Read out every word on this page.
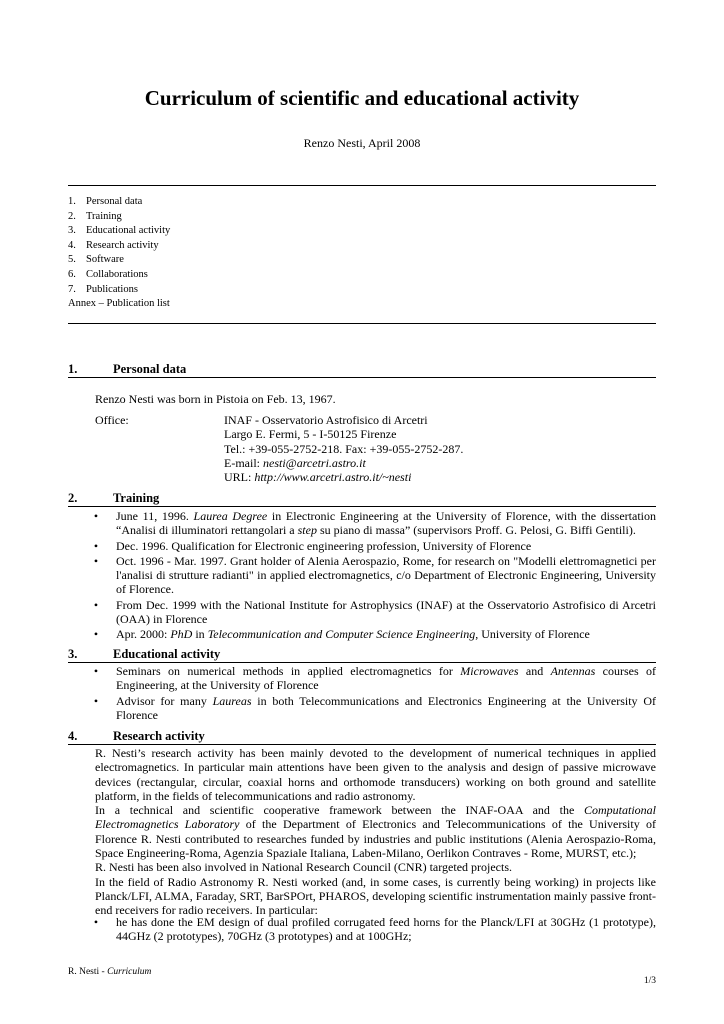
Curriculum of scientific and educational activity
Renzo Nesti, April 2008
1. Personal data
2. Training
3. Educational activity
4. Research activity
5. Software
6. Collaborations
7. Publications
Annex – Publication list
1.	Personal data
Renzo Nesti was born in Pistoia on Feb. 13, 1967.
Office:	INAF - Osservatorio Astrofisico di Arcetri
Largo E. Fermi, 5 - I-50125 Firenze
Tel.: +39-055-2752-218. Fax: +39-055-2752-287.
E-mail: nesti@arcetri.astro.it
URL: http://www.arcetri.astro.it/~nesti
2.	Training
•	June 11, 1996. Laurea Degree in Electronic Engineering at the University of Florence, with the dissertation “Analisi di illuminatori rettangolari a step su piano di massa” (supervisors Proff. G. Pelosi, G. Biffi Gentili).
•	Dec. 1996. Qualification for Electronic engineering profession, University of Florence
•	Oct. 1996 - Mar. 1997. Grant holder of Alenia Aerospazio, Rome, for research on "Modelli elettromagnetici per l'analisi di strutture radianti" in applied electromagnetics, c/o Department of Electronic Engineering, University of Florence.
•	From Dec. 1999 with the National Institute for Astrophysics (INAF) at the Osservatorio Astrofisico di Arcetri (OAA) in Florence
•	Apr. 2000: PhD in Telecommunication and Computer Science Engineering, University of Florence
3.	Educational activity
•	Seminars on numerical methods in applied electromagnetics for Microwaves and Antennas courses of Engineering, at the University of Florence
•	Advisor for many Laureas in both Telecommunications and Electronics Engineering at the University Of Florence
4.	Research activity

R. Nesti’s research activity has been mainly devoted to the development of numerical techniques in applied electromagnetics. In particular main attentions have been given to the analysis and design of passive microwave devices (rectangular, circular, coaxial horns and orthomode transducers) working on both ground and satellite platform, in the fields of telecommunications and radio astronomy.

In a technical and scientific cooperative framework between the INAF-OAA and the Computational Electromagnetics Laboratory of the Department of Electronics and Telecommunications of the University of Florence R. Nesti contributed to researches funded by industries and public institutions (Alenia Aerospazio-Roma, Space Engineering-Roma, Agenzia Spaziale Italiana, Laben-Milano, Oerlikon Contraves - Rome, MURST, etc.);

R. Nesti has been also involved in National Research Council (CNR) targeted projects.

In the field of Radio Astronomy R. Nesti worked (and, in some cases, is currently being working) in projects like Planck/LFI, ALMA, Faraday, SRT, BarSPOrt, PHAROS, developing scientific instrumentation mainly passive front-end receivers for radio receivers. In particular:

•	he has done the EM design of dual profiled corrugated feed horns for the Planck/LFI at 30GHz (1 prototype), 44GHz (2 prototypes), 70GHz (3 prototypes) and at 100GHz;
R. Nesti - Curriculum
1/3
